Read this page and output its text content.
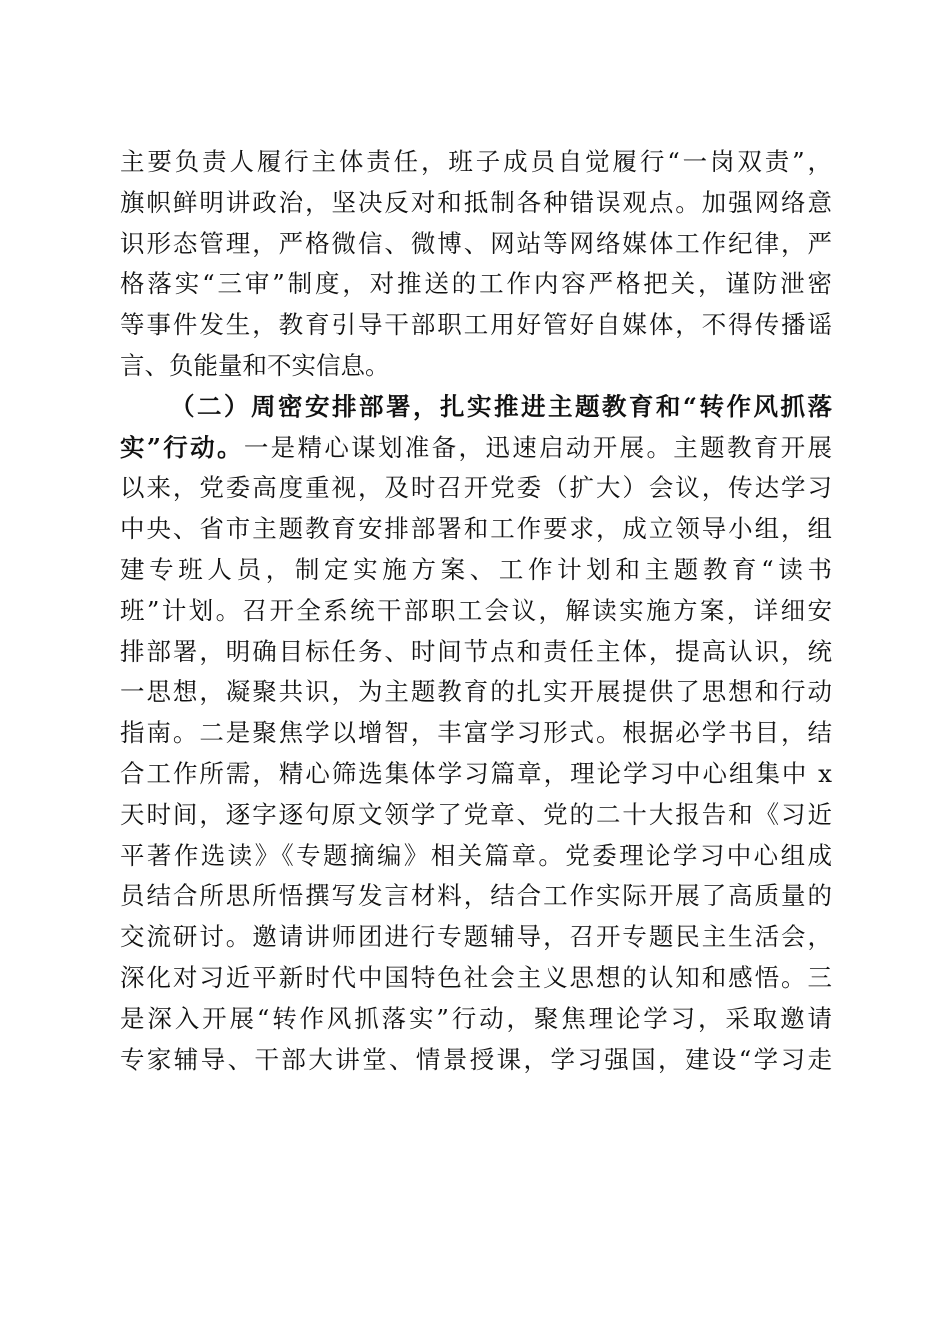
主要负责人履行主体责任，班子成员自觉履行“一岗双责”，
旗帜鲜明讲政治，坚决反对和抵制各种错误观点。加强网络意
识形态管理，严格微信、微博、网站等网络媒体工作纪律，严
格落实“三审”制度，对推送的工作内容严格把关，谨防泄密
等事件发生，教育引导干部职工用好管好自媒体，不得传播谣
言、负能量和不实信息。
（二）周密安排部署，扎实推进主题教育和“转作风抓落
实”行动。一是精心谋划准备，迅速启动开展。主题教育开展
以来，党委高度重视，及时召开党委（扩大）会议，传达学习
中央、省市主题教育安排部署和工作要求，成立领导小组，组
建专班人员，制定实施方案、工作计划和主题教育“读书
班”计划。召开全系统干部职工会议，解读实施方案，详细安
排部署，明确目标任务、时间节点和责任主体，提高认识，统
一思想，凝聚共识，为主题教育的扎实开展提供了思想和行动
指南。二是聚焦学以增智，丰富学习形式。根据必学书目，结
合工作所需，精心筛选集体学习篇章，理论学习中心组集中 x
天时间，逐字逐句原文领学了党章、党的二十大报告和《习近
平著作选读》《专题摘编》相关篇章。党委理论学习中心组成
员结合所思所悟撰写发言材料，结合工作实际开展了高质量的
交流研讨。邀请讲师团进行专题辅导，召开专题民主生活会，
深化对习近平新时代中国特色社会主义思想的认知和感悟。三
是深入开展“转作风抓落实”行动，聚焦理论学习，采取邀请
专家辅导、干部大讲堂、情景授课，学习强国，建设“学习走
